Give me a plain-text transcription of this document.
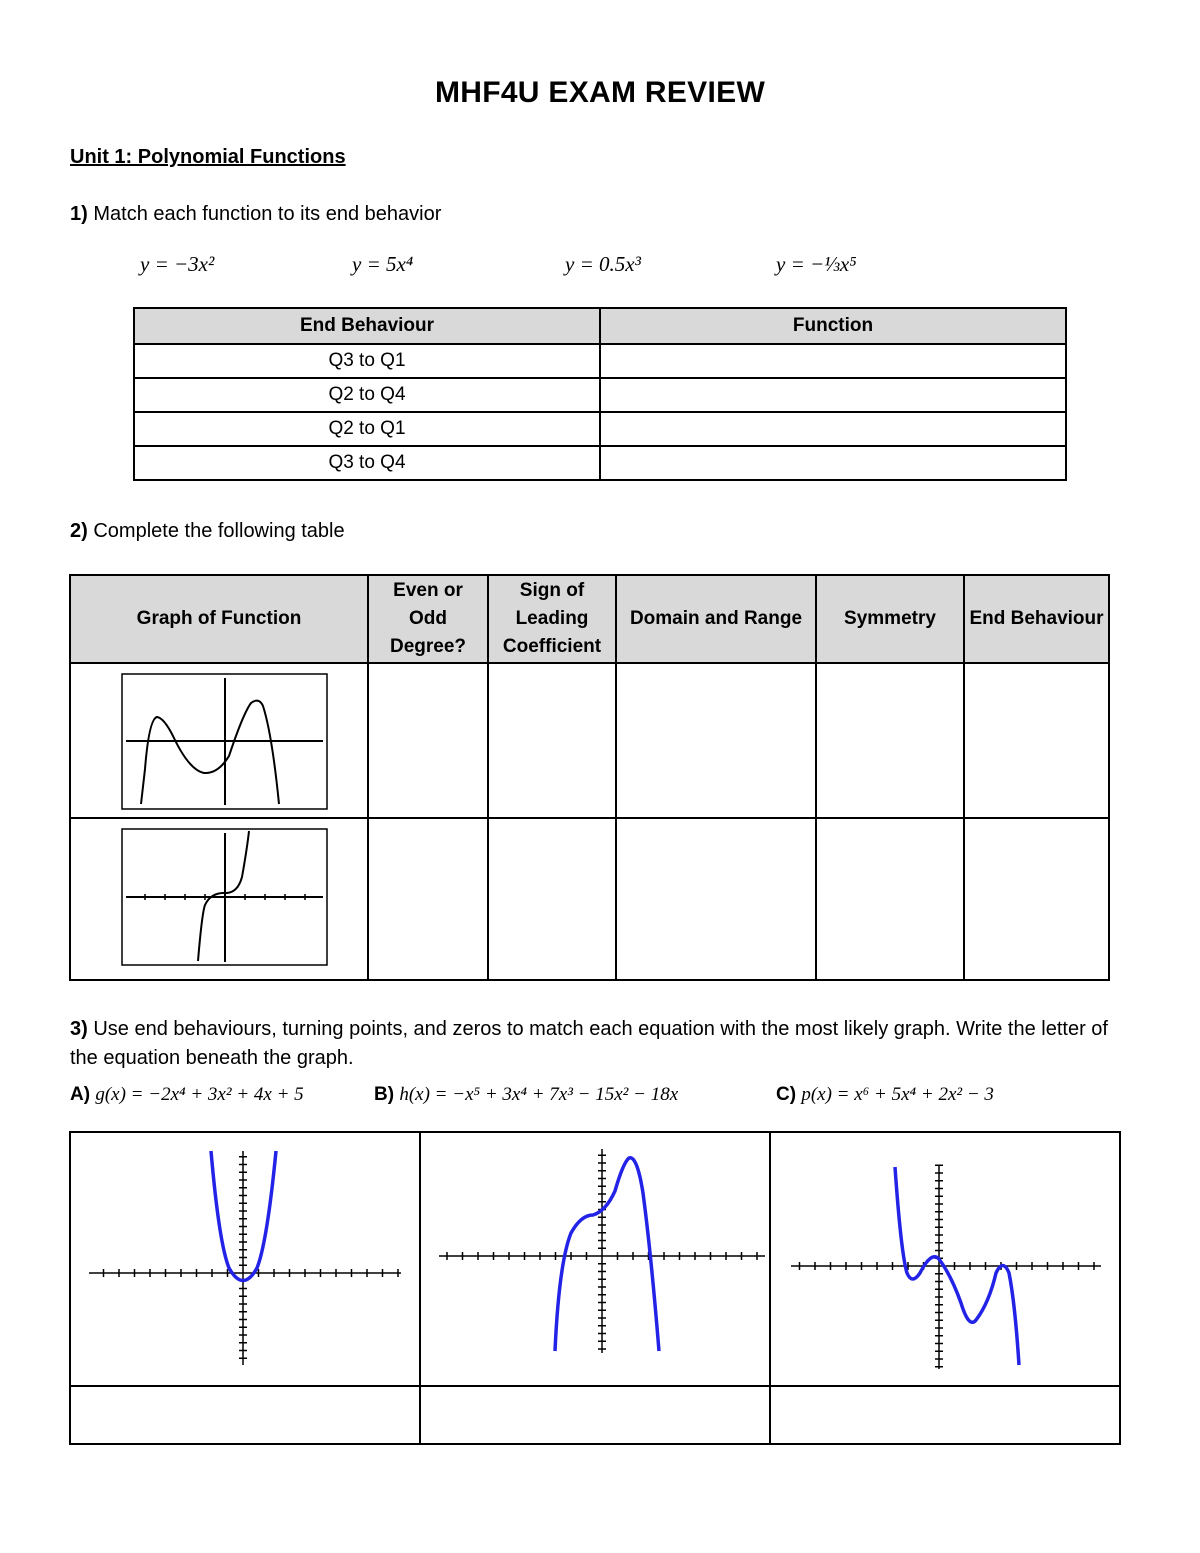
MHF4U EXAM REVIEW
Unit 1: Polynomial Functions
1) Match each function to its end behavior
y = −3x²	y = 5x⁴	y = 0.5x³	y = −⅓x⁵
End Behaviour	Function
Q3 to Q1	
Q2 to Q4	
Q2 to Q1	
Q3 to Q4	
2) Complete the following table
Graph of Function	Even or Odd Degree?	Sign of Leading Coefficient	Domain and Range	Symmetry	End Behaviour

3) Use end behaviours, turning points, and zeros to match each equation with the most likely graph. Write the letter of the equation beneath the graph.
A) g(x) = −2x⁴ + 3x² + 4x + 5	B) h(x) = −x⁵ + 3x⁴ + 7x³ − 15x² − 18x	C) p(x) = x⁶ + 5x⁴ + 2x² − 3
